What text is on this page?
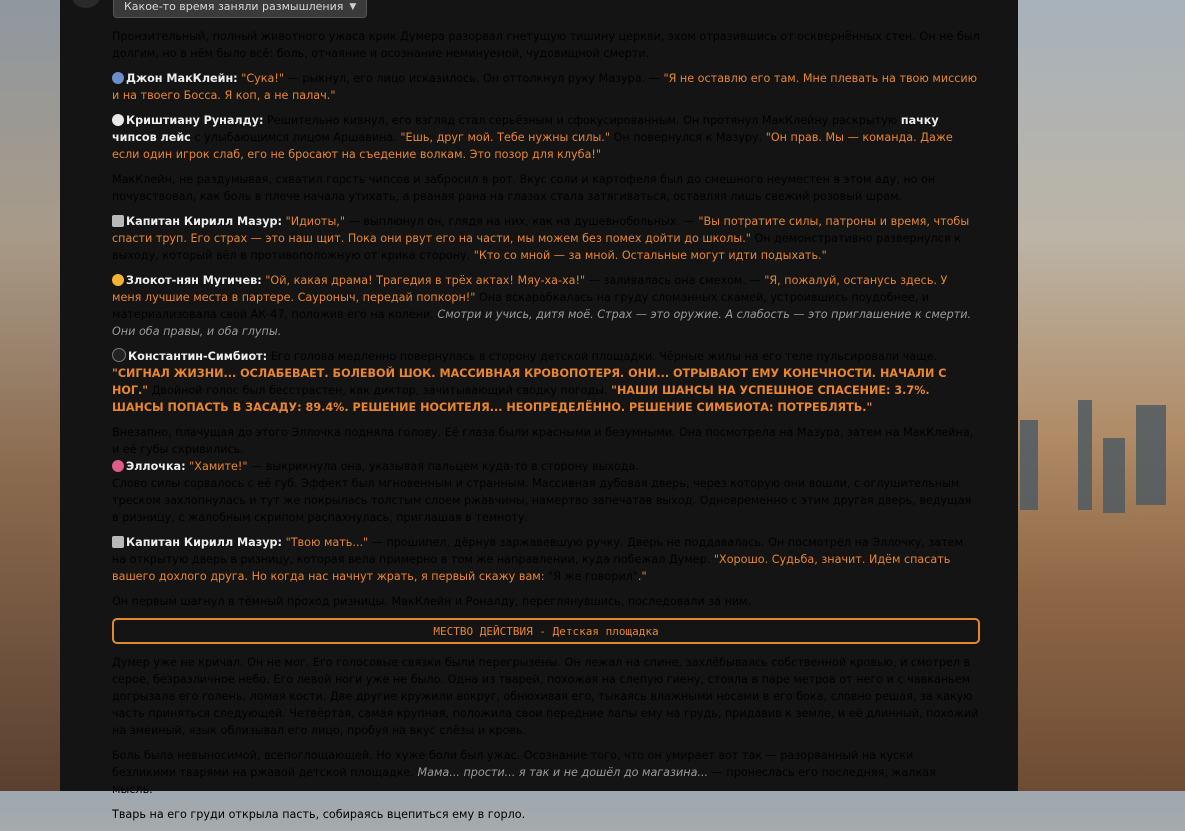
Какое-то время заняли размышления ▼

Пронзительный, полный животного ужаса крик Думера разорвал гнетущую тишину церкви, эхом отразившись от осквернённых стен. Он не был долгим, но в нём было всё: боль, отчаяние и осознание неминуемой, чудовищной смерти.

Джон МакКлейн: "Сука!" — рыкнул, его лицо исказилось. Он оттолкнул руку Мазура. — "Я не оставлю его там. Мне плевать на твою миссию и на твоего Босса. Я коп, а не палач."

Криштиану Руналду: Решительно кивнул, его взгляд стал серьёзным и сфокусированным. Он протянул МакКлейну раскрытую пачку чипсов лейс с улыбающимся лицом Аршавина. "Ешь, друг мой. Тебе нужны силы." Он повернулся к Мазуру. "Он прав. Мы — команда. Даже если один игрок слаб, его не бросают на съедение волкам. Это позор для клуба!"

МакКлейн, не раздумывая, схватил горсть чипсов и забросил в рот. Вкус соли и картофеля был до смешного неуместен в этом аду, но он почувствовал, как боль в плече начала утихать, а рваная рана на глазах стала затягиваться, оставляя лишь свежий розовый шрам.

Капитан Кирилл Мазур: "Идиоты," — выплюнул он, глядя на них, как на душевнобольных. — "Вы потратите силы, патроны и время, чтобы спасти труп. Его страх — это наш щит. Пока они рвут его на части, мы можем без помех дойти до школы." Он демонстративно развернулся к выходу, который вёл в противоположную от крика сторону. "Кто со мной — за мной. Остальные могут идти подыхать."

Злокот-нян Мугичев: "Ой, какая драма! Трагедия в трёх актах! Мяу-ха-ха!" — заливалась она смехом. — "Я, пожалуй, останусь здесь. У меня лучшие места в партере. Сауроныч, передай попкорн!" Она вскарабкалась на груду сломанных скамей, устроившись поудобнее, и материализовала свой АК-47, положив его на колени. Смотри и учись, дитя моё. Страх — это оружие. А слабость — это приглашение к смерти. Они оба правы, и оба глупы.

Константин-Симбиот: Его голова медленно повернулась в сторону детской площадки. Чёрные жилы на его теле пульсировали чаще. "СИГНАЛ ЖИЗНИ... ОСЛАБЕВАЕТ. БОЛЕВОЙ ШОК. МАССИВНАЯ КРОВОПОТЕРЯ. ОНИ... ОТРЫВАЮТ ЕМУ КОНЕЧНОСТИ. НАЧАЛИ С НОГ." Двойной голос был бесстрастен, как диктор, зачитывающий сводку погоды. "НАШИ ШАНСЫ НА УСПЕШНОЕ СПАСЕНИЕ: 3.7%. ШАНСЫ ПОПАСТЬ В ЗАСАДУ: 89.4%. РЕШЕНИЕ НОСИТЕЛЯ... НЕОПРЕДЕЛЁННО. РЕШЕНИЕ СИМБИОТА: ПОТРЕБЛЯТЬ."

Внезапно, плачущая до этого Эллочка подняла голову. Её глаза были красными и безумными. Она посмотрела на Мазура, затем на МакКлейна, и её губы скривились.

Эллочка: "Хамите!" — выкрикнула она, указывая пальцем куда-то в сторону выхода.

Слово силы сорвалось с её губ. Эффект был мгновенным и странным. Массивная дубовая дверь, через которую они вошли, с оглушительным треском захлопнулась и тут же покрылась толстым слоем ржавчины, намертво запечатав выход. Одновременно с этим другая дверь, ведущая в ризницу, с жалобным скрипом распахнулась, приглашая в темноту.

Капитан Кирилл Мазур: "Твою мать..." — прошипел, дёрнув заржавевшую ручку. Дверь не поддавалась. Он посмотрел на Эллочку, затем на открытую дверь в ризницу, которая вела примерно в том же направлении, куда побежал Думер. "Хорошо. Судьба, значит. Идём спасать вашего дохлого друга. Но когда нас начнут жрать, я первый скажу вам: "Я же говорил"."

Он первым шагнул в тёмный проход ризницы. МакКлейн и Роналду, переглянувшись, последовали за ним.

МЕСТВО ДЕЙСТВИЯ - Детская площадка

Думер уже не кричал. Он не мог. Его голосовые связки были перегрызены. Он лежал на спине, захлёбываясь собственной кровью, и смотрел в серое, безразличное небо. Его левой ноги уже не было. Одна из тварей, похожая на слепую гиену, стояла в паре метров от него и с чавканьем догрызала его голень, ломая кости. Две другие кружили вокруг, обнюхивая его, тыкаясь влажными носами в его бока, словно решая, за какую часть приняться следующей. Четвёртая, самая крупная, положила свои передние лапы ему на грудь, придавив к земле, и её длинный, похожий на змеиный, язык облизывал его лицо, пробуя на вкус слёзы и кровь.

Боль была невыносимой, всепоглощающей. Но хуже боли был ужас. Осознание того, что он умирает вот так — разорванный на куски безликими тварями на ржавой детской площадке. Мама... прости... я так и не дошёл до магазина... — пронеслась его последняя, жалкая мысль.

Тварь на его груди открыла пасть, собираясь вцепиться ему в горло.
